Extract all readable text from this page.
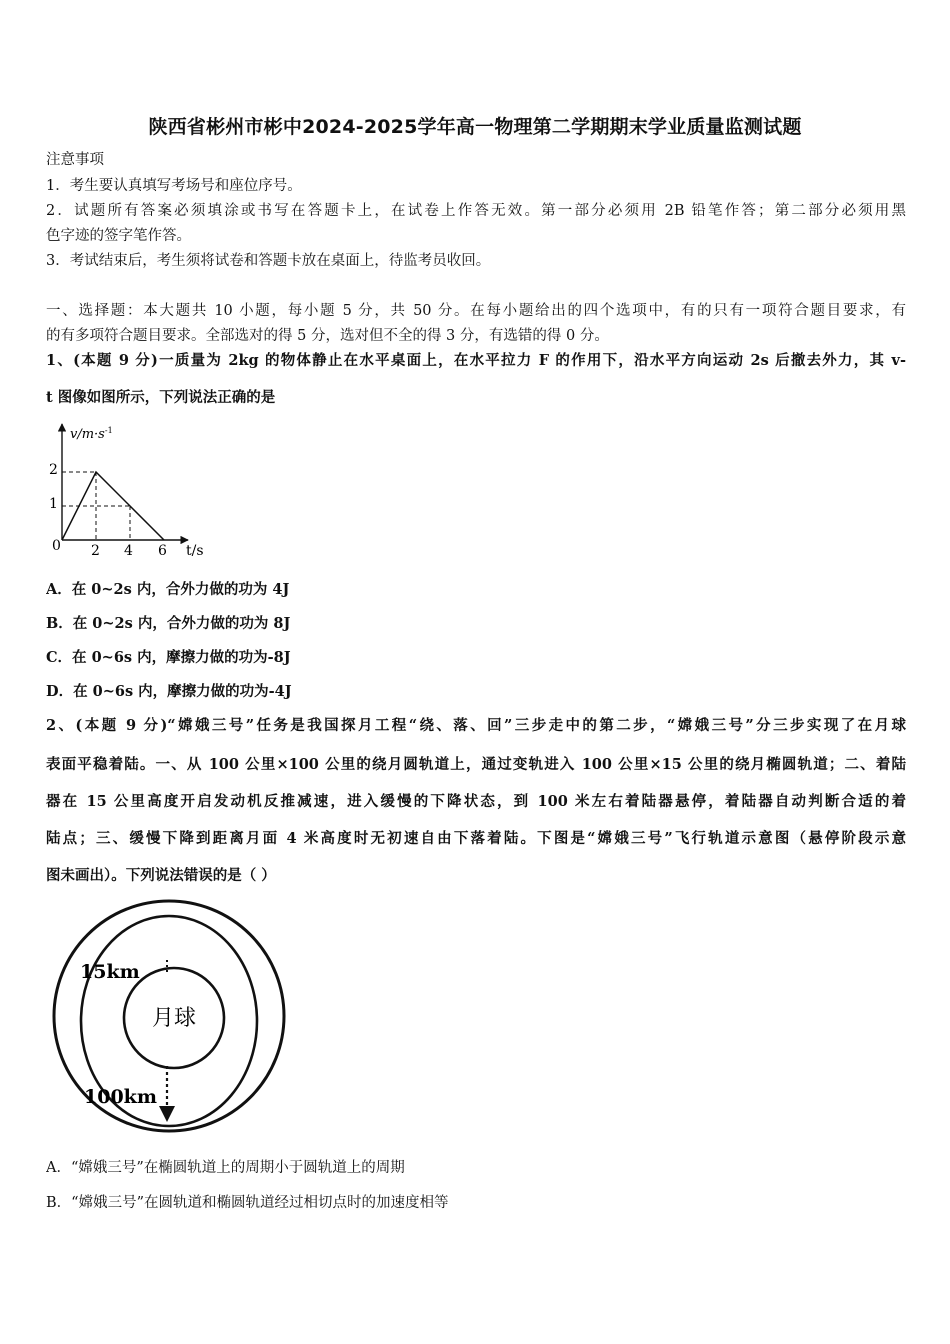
陕西省彬州市彬中2024-2025学年高一物理第二学期期末学业质量监测试题
注意事项
1．考生要认真填写考场号和座位序号。
2．试题所有答案必须填涂或书写在答题卡上，在试卷上作答无效。第一部分必须用 2B 铅笔作答；第二部分必须用黑
色字迹的签字笔作答。
3．考试结束后，考生须将试卷和答题卡放在桌面上，待监考员收回。
一、选择题：本大题共 10 小题，每小题 5 分，共 50 分。在每小题给出的四个选项中，有的只有一项符合题目要求，有
的有多项符合题目要求。全部选对的得 5 分，选对但不全的得 3 分，有选错的得 0 分。
1、(本题 9 分)一质量为 2kg 的物体静止在水平桌面上，在水平拉力 F 的作用下，沿水平方向运动 2s 后撤去外力，其 v-
t 图像如图所示，下列说法正确的是
$v/m\cdot s^{-1}$
0
2
1
2 4 6 t/s
A．在 0~2s 内，合外力做的功为 4J
B．在 0~2s 内，合外力做的功为 8J
C．在 0~6s 内，摩擦力做的功为-8J
D．在 0~6s 内，摩擦力做的功为-4J
2、(本题 9 分)“嫦娥三号”任务是我国探月工程“绕、落、回”三步走中的第二步，“嫦娥三号”分三步实现了在月球
表面平稳着陆。一、从 100 公里×100 公里的绕月圆轨道上，通过变轨进入 100 公里×15 公里的绕月椭圆轨道；二、着陆
器在 15 公里高度开启发动机反推减速，进入缓慢的下降状态，到 100 米左右着陆器悬停，着陆器自动判断合适的着
陆点；三、缓慢下降到距离月面 4 米高度时无初速自由下落着陆。下图是“嫦娥三号”飞行轨道示意图（悬停阶段示意
图未画出）。下列说法错误的是（ ）
月球
15km
100km
A．“嫦娥三号”在椭圆轨道上的周期小于圆轨道上的周期
B．“嫦娥三号”在圆轨道和椭圆轨道经过相切点时的加速度相等
